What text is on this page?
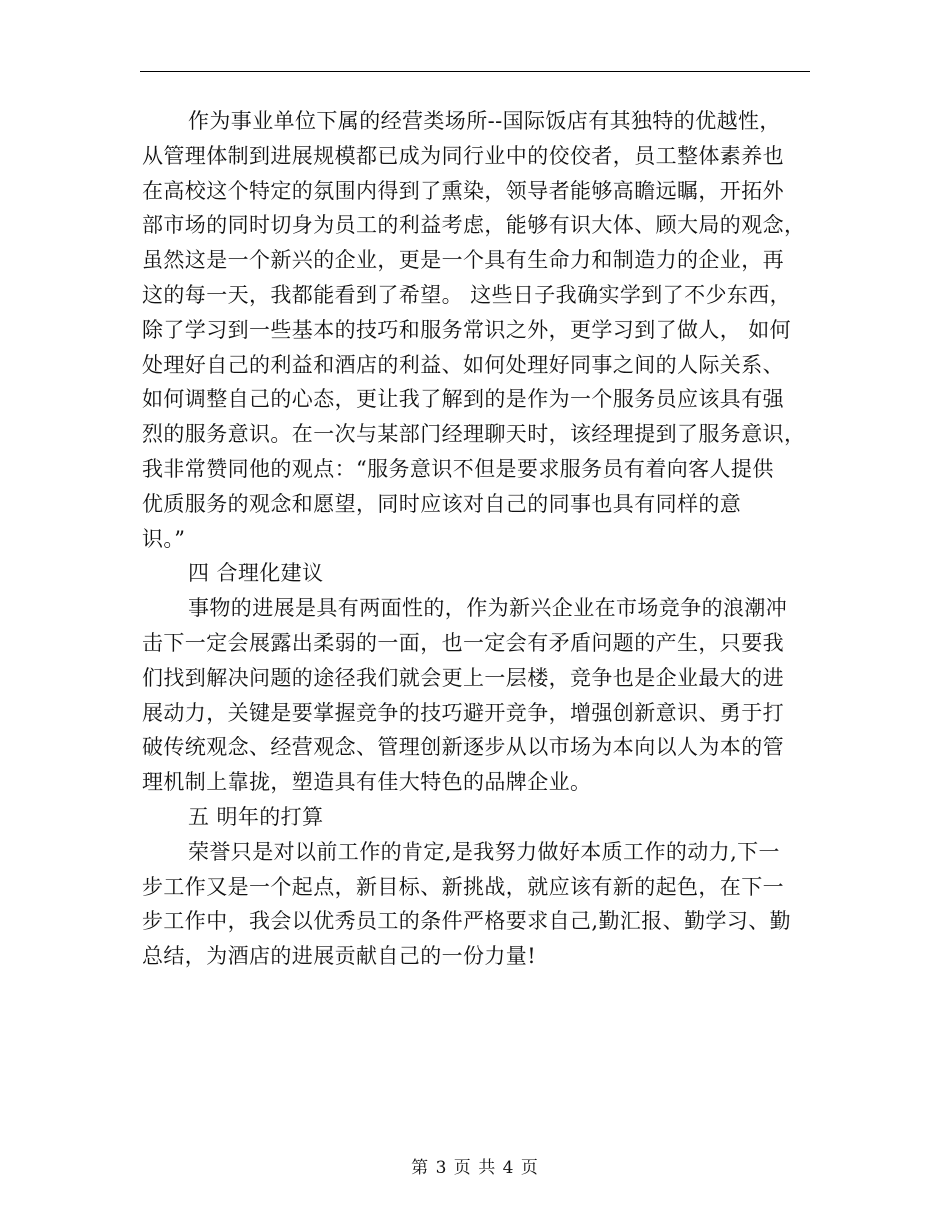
作为事业单位下属的经营类场所--国际饭店有其独特的优越性，
从管理体制到进展规模都已成为同行业中的佼佼者，员工整体素养也
在高校这个特定的氛围内得到了熏染，领导者能够高瞻远瞩，开拓外
部市场的同时切身为员工的利益考虑，能够有识大体、顾大局的观念，
虽然这是一个新兴的企业，更是一个具有生命力和制造力的企业，再
这的每一天，我都能看到了希望。 这些日子我确实学到了不少东西，
除了学习到一些基本的技巧和服务常识之外，更学习到了做人， 如何
处理好自己的利益和酒店的利益、如何处理好同事之间的人际关系、
如何调整自己的心态，更让我了解到的是作为一个服务员应该具有强
烈的服务意识。在一次与某部门经理聊天时，该经理提到了服务意识，
我非常赞同他的观点：“服务意识不但是要求服务员有着向客人提供
优质服务的观念和愿望，同时应该对自己的同事也具有同样的意
识。”
四 合理化建议
事物的进展是具有两面性的，作为新兴企业在市场竞争的浪潮冲
击下一定会展露出柔弱的一面，也一定会有矛盾问题的产生，只要我
们找到解决问题的途径我们就会更上一层楼，竞争也是企业最大的进
展动力，关键是要掌握竞争的技巧避开竞争，增强创新意识、勇于打
破传统观念、经营观念、管理创新逐步从以市场为本向以人为本的管
理机制上靠拢，塑造具有佳大特色的品牌企业。
五 明年的打算
荣誉只是对以前工作的肯定,是我努力做好本质工作的动力,下一
步工作又是一个起点，新目标、新挑战，就应该有新的起色，在下一
步工作中，我会以优秀员工的条件严格要求自己,勤汇报、勤学习、勤
总结，为酒店的进展贡献自己的一份力量!
第 3 页 共 4 页
